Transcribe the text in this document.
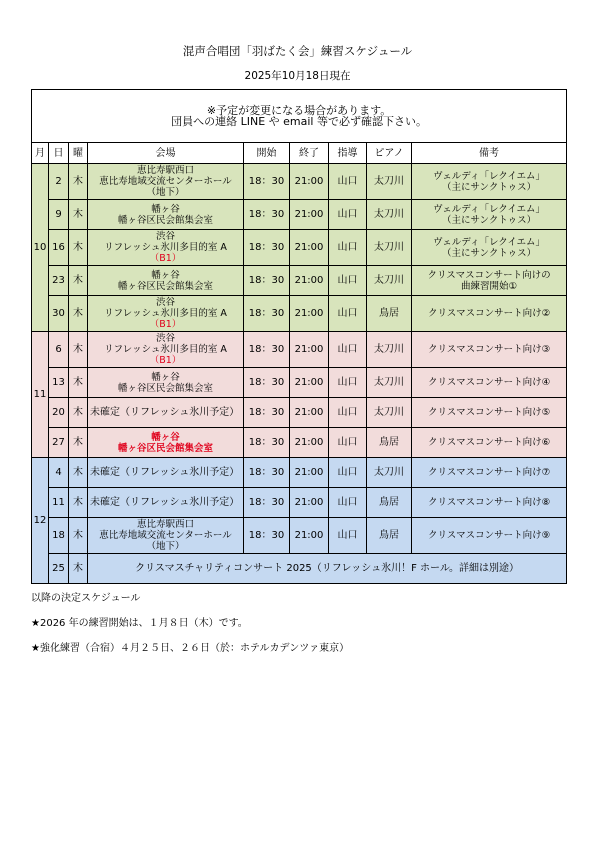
混声合唱団「羽ばたく会」練習スケジュール
2025年10月18日現在
※予定が変更になる場合があります。
団員への連絡 LINE や email 等で必ず確認下さい。								
月	日	曜	会場	開始	終了	指導	ピアノ	備考
10	2	木	恵比寿駅西口
恵比寿地域交流センターホール
（地下）	18：30	21:00	山口	太刀川	ヴェルディ「レクイエム」
（主にサンクトゥス）

	9	木	幡ヶ谷
幡ヶ谷区民会館集会室	18：30	21:00	山口	太刀川	ヴェルディ「レクイエム」
（主にサンクトゥス）

	16	木	渋谷
リフレッシュ氷川多目的室 A
（B1）	18：30	21:00	山口	太刀川	ヴェルディ「レクイエム」
（主にサンクトゥス）

	23	木	幡ヶ谷
幡ヶ谷区民会館集会室	18：30	21:00	山口	太刀川	クリスマスコンサート向けの
曲練習開始①

	30	木	渋谷
リフレッシュ氷川多目的室 A
（B1）	18：30	21:00	山口	鳥居	クリスマスコンサート向け②
11	6	木	渋谷
リフレッシュ氷川多目的室 A
（B1）	18：30	21:00	山口	太刀川	クリスマスコンサート向け③
	13	木	幡ヶ谷
幡ヶ谷区民会館集会室	18：30	21:00	山口	太刀川	クリスマスコンサート向け④
	20	木	未確定（リフレッシュ氷川予定）	18：30	21:00	山口	太刀川	クリスマスコンサート向け⑤
	27	木	幡ヶ谷
幡ヶ谷区民会館集会室	18：30	21:00	山口	鳥居	クリスマスコンサート向け⑥
12	4	木	未確定（リフレッシュ氷川予定）	18：30	21:00	山口	太刀川	クリスマスコンサート向け⑦
	11	木	未確定（リフレッシュ氷川予定）	18：30	21:00	山口	鳥居	クリスマスコンサート向け⑧
	18	木	恵比寿駅西口
恵比寿地域交流センターホール
（地下）	18：30	21:00	山口	鳥居	クリスマスコンサート向け⑨
	25	木	クリスマスチャリティコンサート 2025（リフレッシュ氷川！F ホール。詳細は別途）					
以降の決定スケジュール
★2026 年の練習開始は、１月８日（木）です。
★強化練習（合宿）４月２５日、２６日（於：ホテルカデンツァ東京）
